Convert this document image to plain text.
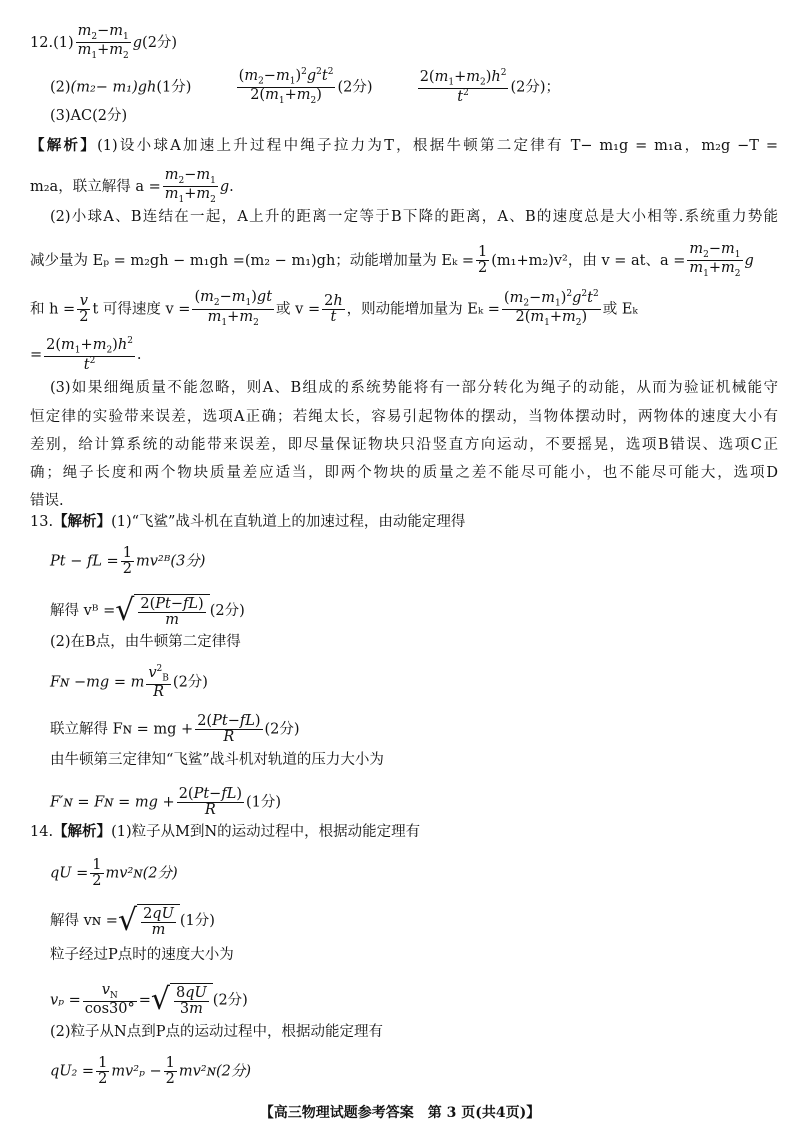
$12.(1) \frac{m_2-m_1}{m_1+m_2} g(2$分)
(2)(m₂− m₁)gh(1分)	$\frac{(m_2-m_1)^2g^2t^2}{2(m_1+m_2)} (2$分)	$\frac{2(m_1+m_2)h^2}{t^2} (2$分)；
(3)AC(2分)
【解析】(1)设小球A加速上升过程中绳子拉力为T，根据牛顿第二定律有 T− m₁g = m₁a，m₂g −T =
m₂a，联立解得 $a = \frac{m_2-m_1}{m_1+m_2} g$.
(2)小球A、B连结在一起，A上升的距离一定等于B下降的距离，A、B的速度总是大小相等.系统重力势能
减少量为 Eₚ = m₂gh − m₁gh =(m₂ − m₁)gh；动能增加量为 $E_k = \frac{1}{2} (m_1+m_2)v^2$，由 v = at、$a = \frac{m_2-m_1}{m_1+m_2}$ g
和 $h = \frac{v}{2}$ t 可得速度 $v = \frac{(m_2-m_1)gt}{m_1+m_2}$ 或 $v = \frac{2h}{t}$ ，则动能增加量为 $E_k = \frac{(m_2-m_1)^2g^2t^2}{2(m_1+m_2)}$ 或 Eₖ
= $\frac{2(m_1+m_2)h^2}{t^2}$ .
(3)如果细绳质量不能忽略，则A、B组成的系统势能将有一部分转化为绳子的动能，从而为验证机械能守
恒定律的实验带来误差，选项A正确；若绳太长，容易引起物体的摆动，当物体摆动时，两物体的速度大小有
差别，给计算系统的动能带来误差，即尽量保证物块只沿竖直方向运动，不要摇晃，选项B错误、选项C正
确；绳子长度和两个物块质量差应适当，即两个物块的质量之差不能尽可能小，也不能尽可能大，选项D
错误.
13.【解析】(1)“飞鲨”战斗机在直轨道上的加速过程，由动能定理得
Pt − fL = $\frac{1}{2}$ mv²ᴮ(3分)
解得 vᴮ =√ $\frac{2(Pt-fL)}{m} (2$分)
(2)在B点，由牛顿第二定律得
Fɴ −mg = m $\frac{v^2_B}{R} (2$分)
联立解得 Fɴ = mg + $\frac{2(Pt-fL)}{R} (2$分)
由牛顿第三定律知“飞鲨”战斗机对轨道的压力大小为
F′ɴ = Fɴ = mg + $\frac{2(Pt-fL)}{R} (1$分)
14.【解析】(1)粒子从M到N的运动过程中，根据动能定理有
qU = $\frac{1}{2}$ mv²ɴ(2分)
解得 vɴ =√ $\frac{2qU}{m} (1$分)
粒子经过P点时的速度大小为
$v_p = \frac{v_N}{\cos 30^\circ}$ =√ $\frac{8qU}{3m} (2$分)
(2)粒子从N点到P点的运动过程中，根据动能定理有
$qU_2 = \frac{1}{2} mv^2_p - \frac{1}{2}$ mv²ɴ(2分)
【高三物理试题参考答案　第 3 页(共4页)】
